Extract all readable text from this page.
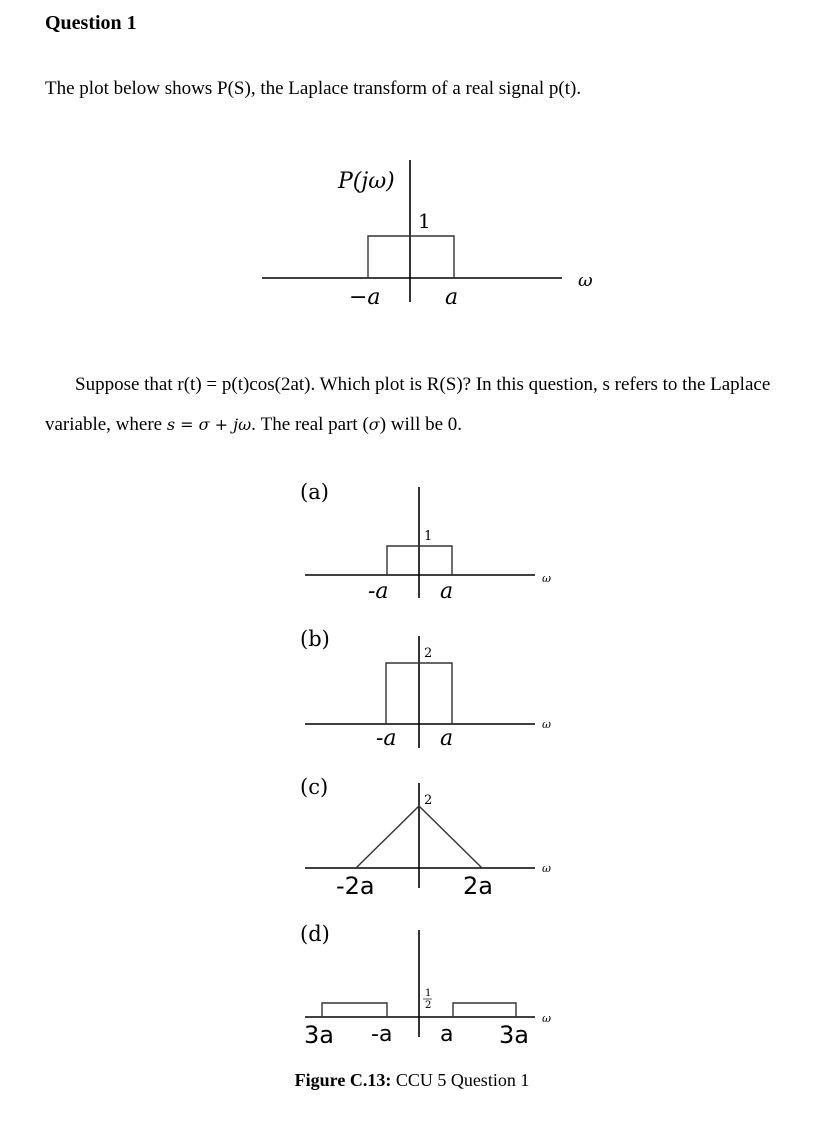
Question 1
The plot below shows P(S), the Laplace transform of a real signal p(t).
Suppose that r(t) = p(t)cos(2at). Which plot is R(S)? In this question, s refers to the Laplace
variable, where s = σ + jω. The real part (σ) will be 0.
P(jω)
1
−a	a
ω
(a)
1
-a a
ω
(b)
2
-a a
ω
(c)
2
-2a	2a
ω
(d)
1
2
3a -a a 3a
ω
Figure C.13: CCU 5 Question 1
